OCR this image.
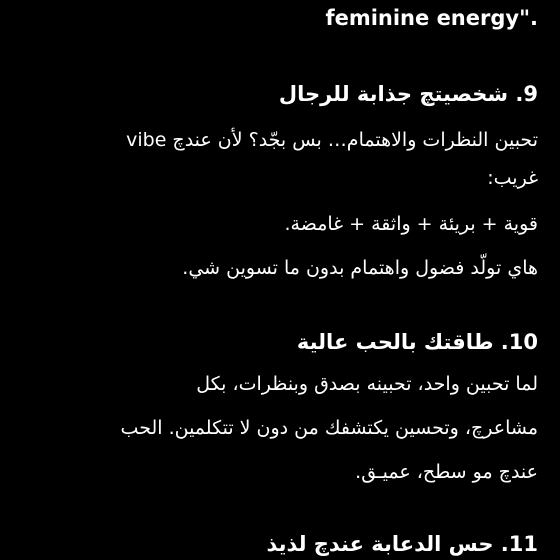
feminine energy".
9. شخصيتچ جذابة للرجال
تحبين النظرات والاهتمام… بس بجّد؟ لأن عندچ vibe
غريب:
قوية + بريئة + واثقة + غامضة.
هاي تولّد فضول واهتمام بدون ما تسوين شي.
10. طاقتك بالحب عالية
لما تحبين واحد، تحبينه بصدق وبنظرات، بكل
مشاعرچ، وتحسين يكتشفك من دون لا تتكلمين. الحب
عندچ مو سطح، عميـق.
11. حس الدعابة عندچ لذيذ
